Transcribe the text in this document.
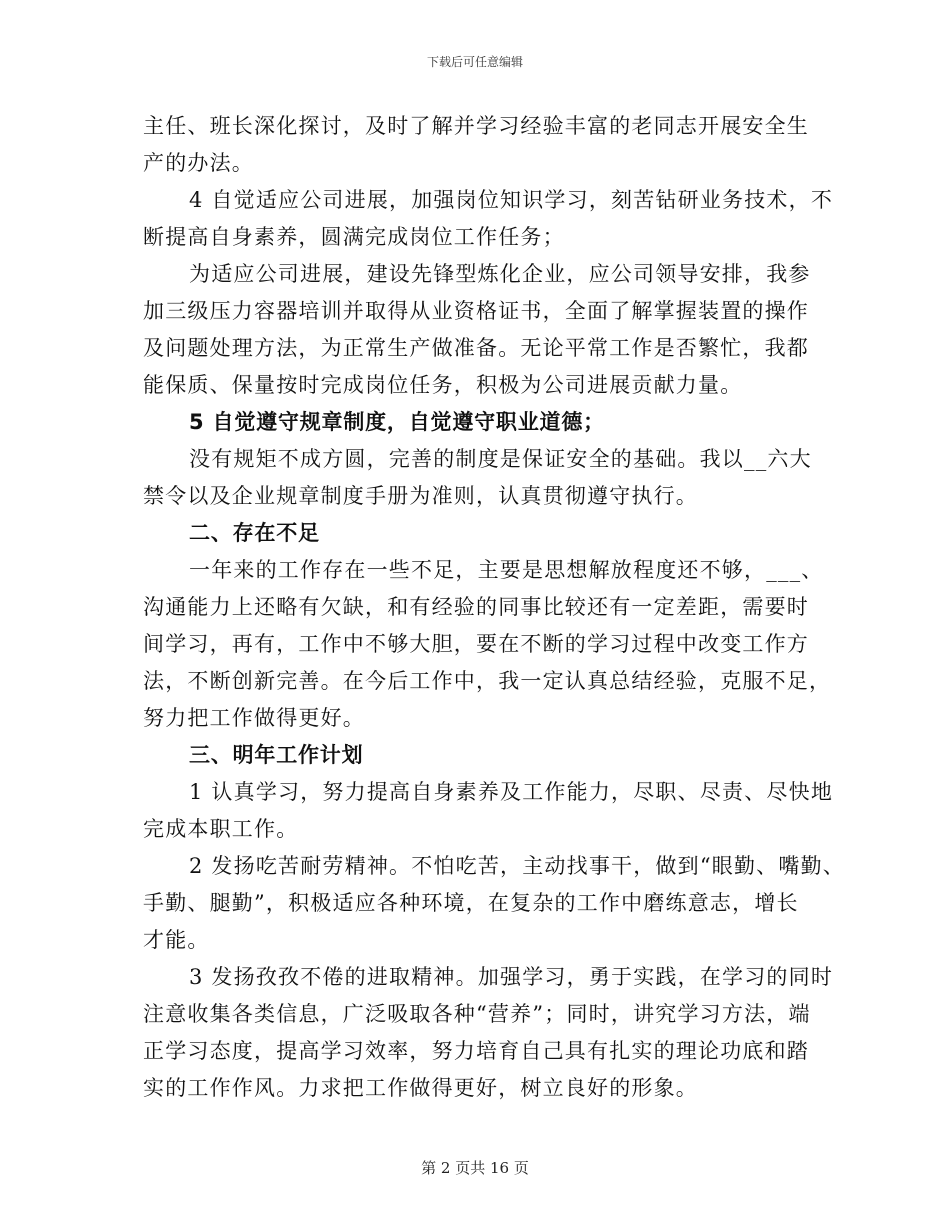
下载后可任意编辑
主任、班长深化探讨，及时了解并学习经验丰富的老同志开展安全生
产的办法。
4 自觉适应公司进展，加强岗位知识学习，刻苦钻研业务技术，不
断提高自身素养，圆满完成岗位工作任务；
为适应公司进展，建设先锋型炼化企业，应公司领导安排，我参
加三级压力容器培训并取得从业资格证书，全面了解掌握装置的操作
及问题处理方法，为正常生产做准备。无论平常工作是否繁忙，我都
能保质、保量按时完成岗位任务，积极为公司进展贡献力量。
5 自觉遵守规章制度，自觉遵守职业道德；
没有规矩不成方圆，完善的制度是保证安全的基础。我以__六大
禁令以及企业规章制度手册为准则，认真贯彻遵守执行。
二、存在不足
一年来的工作存在一些不足，主要是思想解放程度还不够，___、
沟通能力上还略有欠缺，和有经验的同事比较还有一定差距，需要时
间学习，再有，工作中不够大胆，要在不断的学习过程中改变工作方
法，不断创新完善。在今后工作中，我一定认真总结经验，克服不足，
努力把工作做得更好。
三、明年工作计划
1 认真学习，努力提高自身素养及工作能力，尽职、尽责、尽快地
完成本职工作。
2 发扬吃苦耐劳精神。不怕吃苦，主动找事干，做到“眼勤、嘴勤、
手勤、腿勤”，积极适应各种环境，在复杂的工作中磨练意志，增长
才能。
3 发扬孜孜不倦的进取精神。加强学习，勇于实践，在学习的同时
注意收集各类信息，广泛吸取各种“营养”；同时，讲究学习方法，端
正学习态度，提高学习效率，努力培育自己具有扎实的理论功底和踏
实的工作作风。力求把工作做得更好，树立良好的形象。
第 2 页共 16 页
